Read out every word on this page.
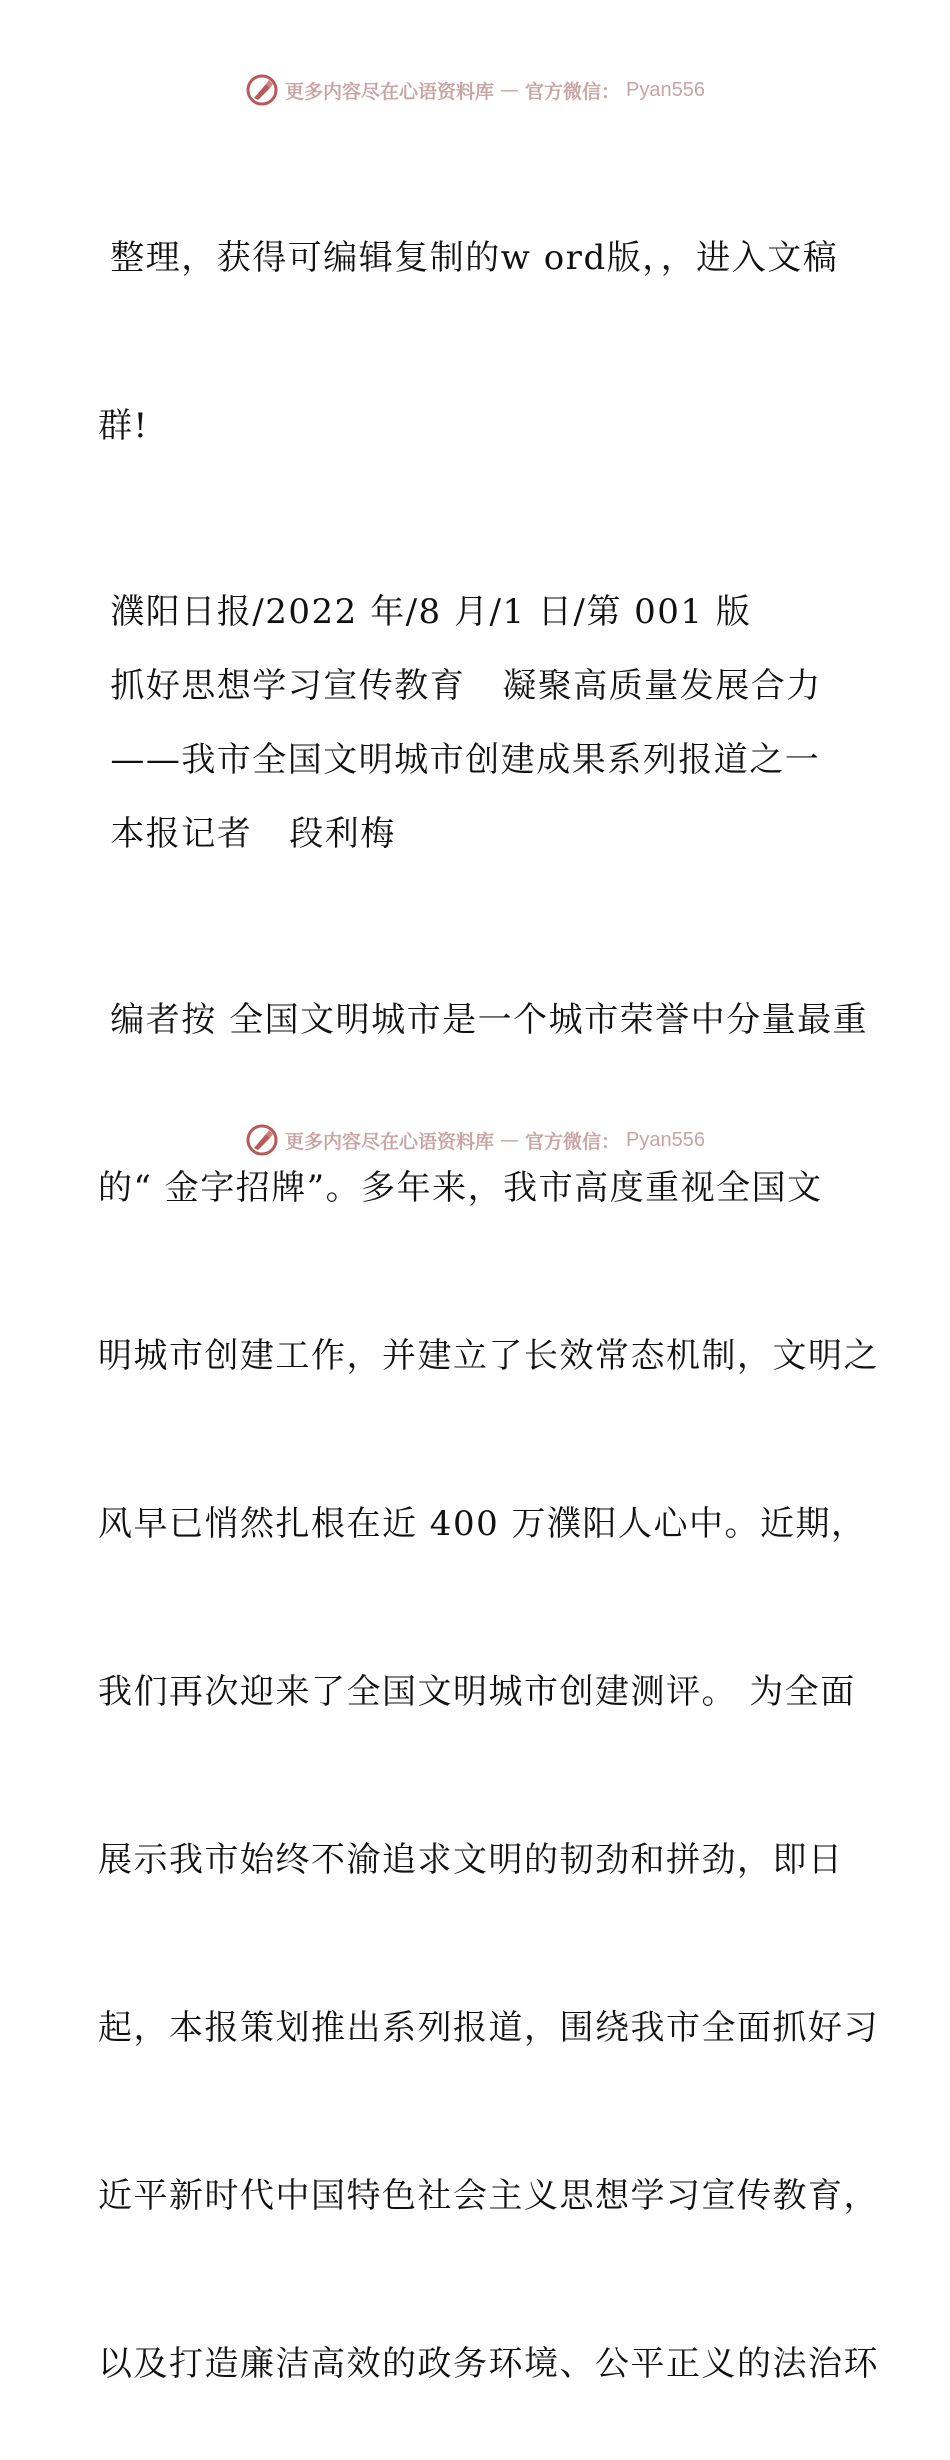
更多内容尽在心语资料库 — 官方微信： Pyan556

整理，获得可编辑复制的w ord版，，进入文稿

群!

濮阳日报/2022 年/8 月/1 日/第 001 版

抓好思想学习宣传教育   凝聚高质量发展合力

——我市全国文明城市创建成果系列报道之一

本报记者   段利梅

编者按 全国文明城市是一个城市荣誉中分量最重

的“ 金字招牌”。多年来，我市高度重视全国文

明城市创建工作，并建立了长效常态机制，文明之

风早已悄然扎根在近 400 万濮阳人心中。近期，

我们再次迎来了全国文明城市创建测评。 为全面

展示我市始终不渝追求文明的韧劲和拼劲，即日

起，本报策划推出系列报道，围绕我市全面抓好习

近平新时代中国特色社会主义思想学习宣传教育，

以及打造廉洁高效的政务环境、公平正义的法治环

更多内容尽在心语资料库 — 官方微信： Pyan556
